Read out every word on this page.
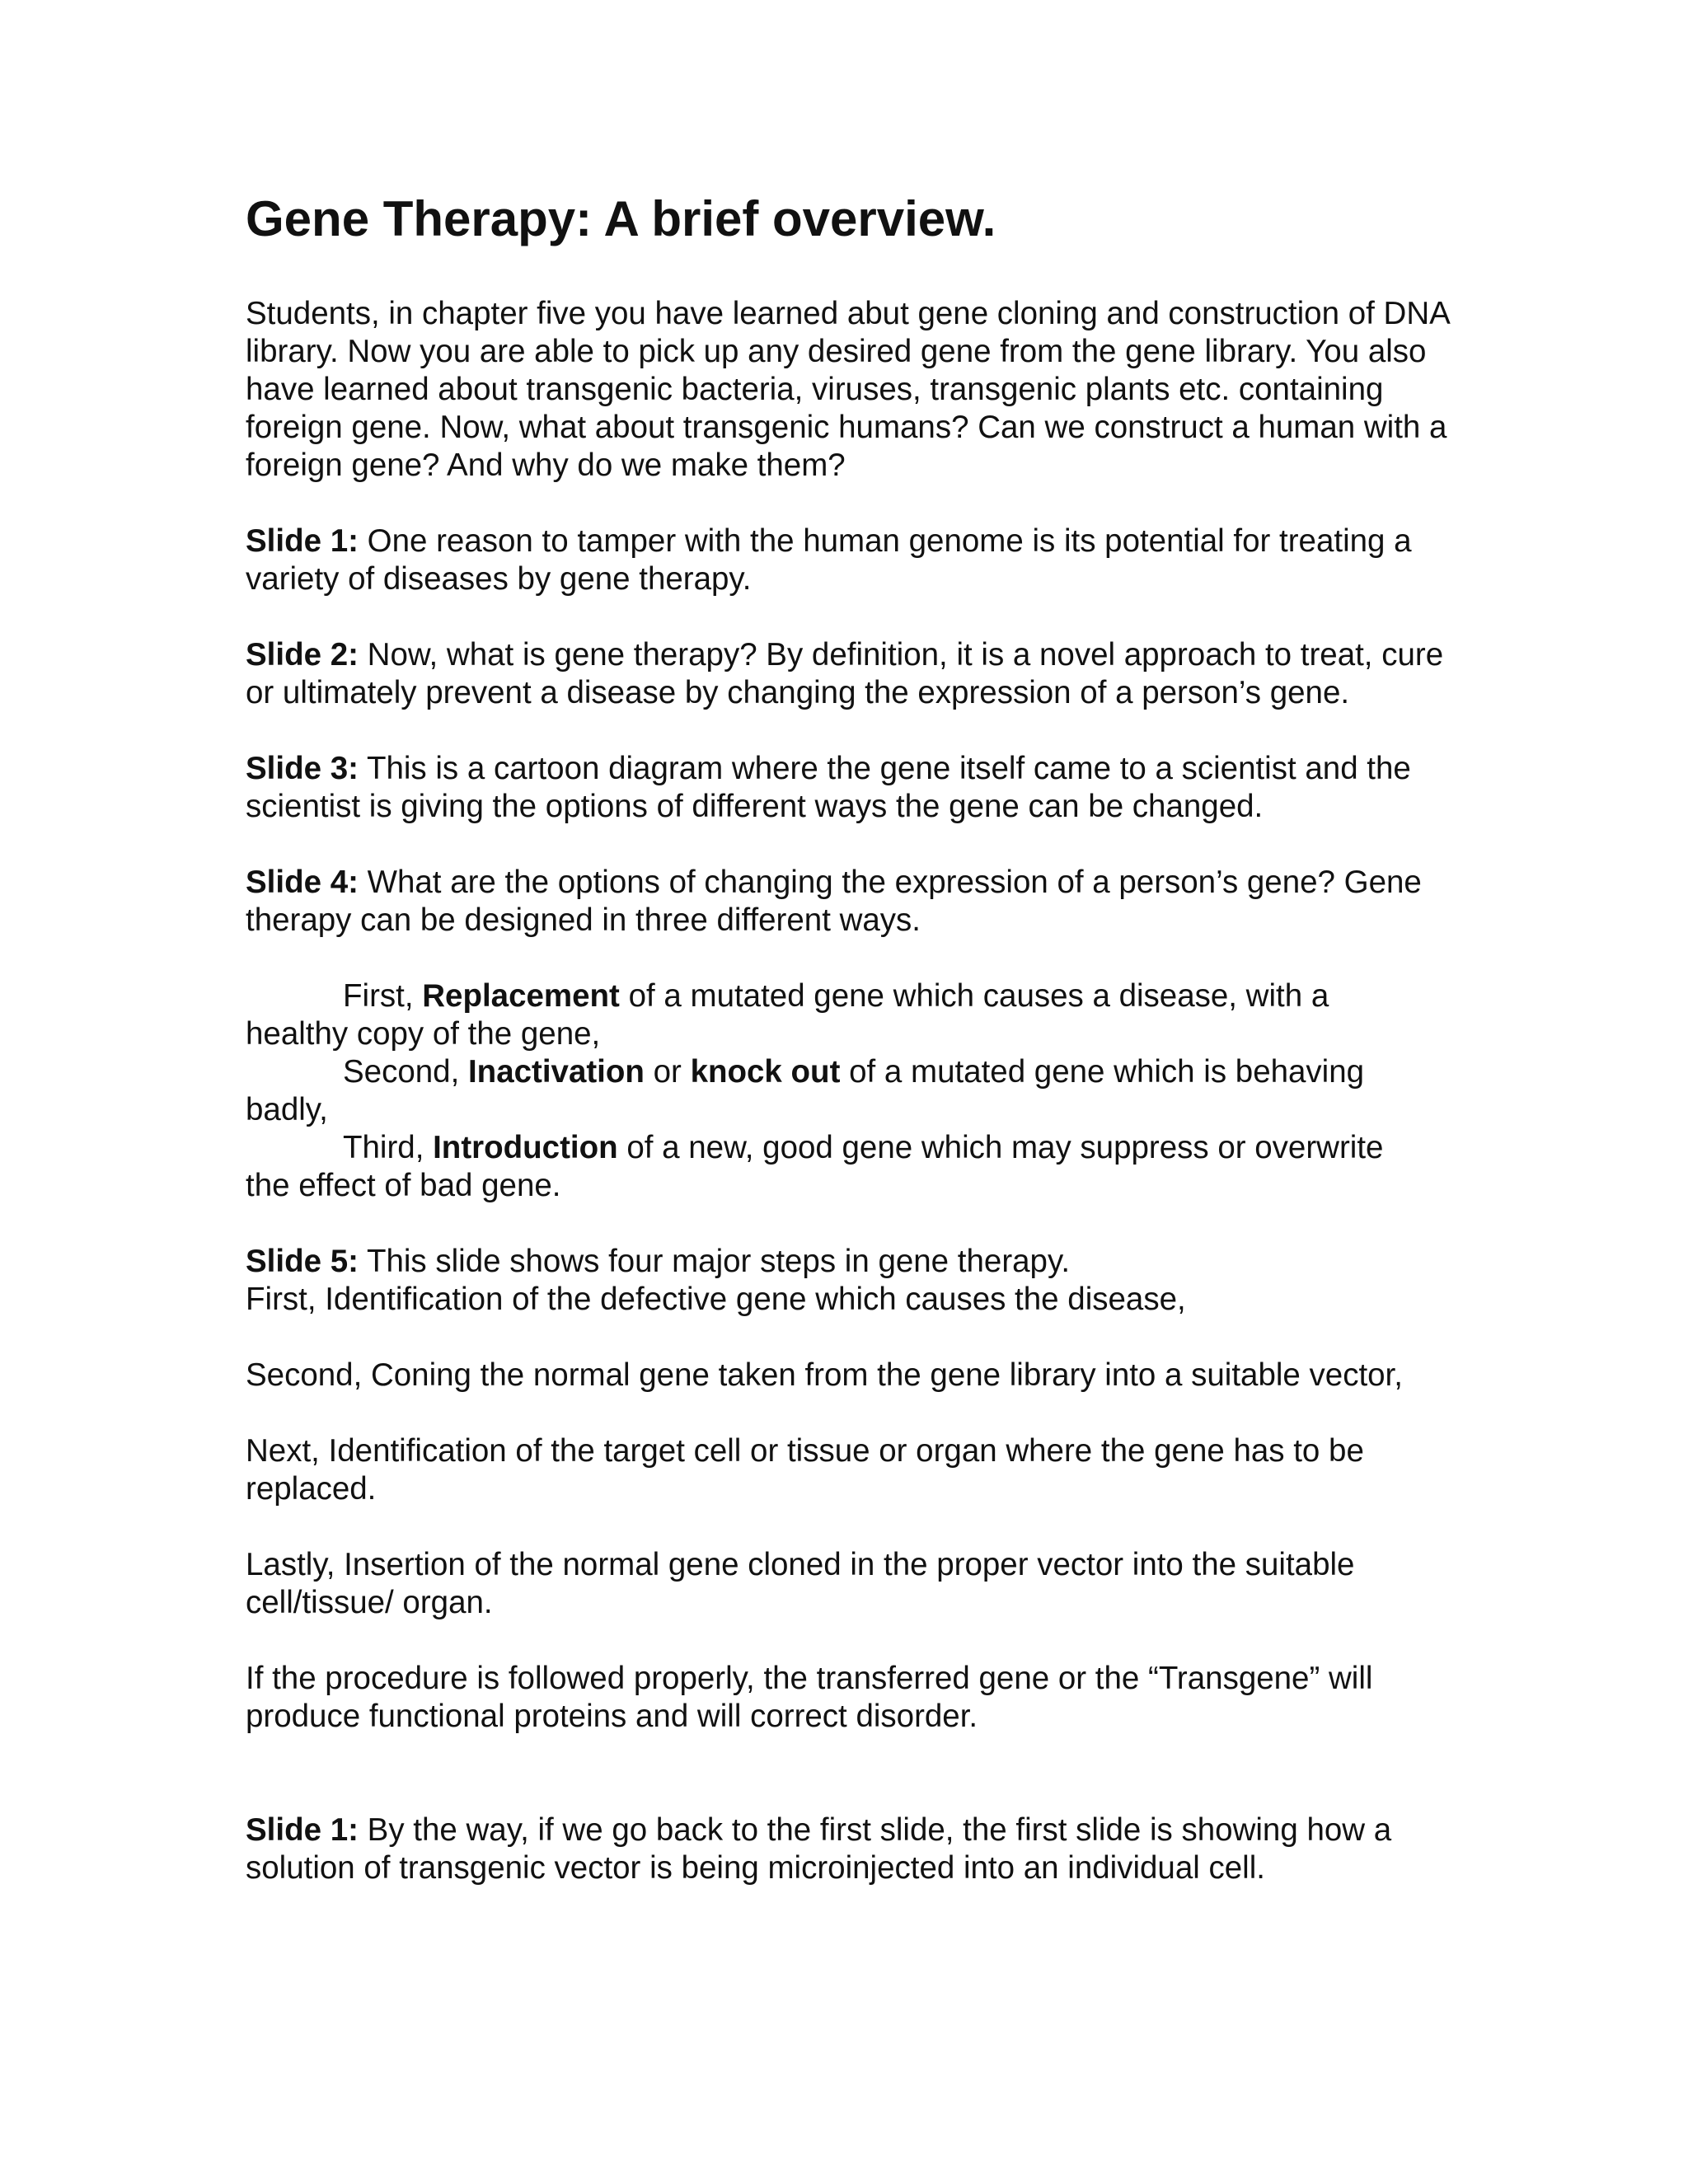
Gene Therapy: A brief overview.

Students, in chapter five you have learned abut gene cloning and construction of DNA library. Now you are able to pick up any desired gene from the gene library. You also have learned about transgenic bacteria, viruses, transgenic plants etc. containing foreign gene. Now, what about transgenic humans? Can we construct a human with a foreign gene? And why do we make them?

Slide 1: One reason to tamper with the human genome is its potential for treating a variety of diseases by gene therapy.

Slide 2: Now, what is gene therapy? By definition, it is a novel approach to treat, cure or ultimately prevent a disease by changing the expression of a person’s gene.

Slide 3: This is a cartoon diagram where the gene itself came to a scientist and the scientist is giving the options of different ways the gene can be changed.

Slide 4: What are the options of changing the expression of a person’s gene? Gene therapy can be designed in three different ways.

First, Replacement of a mutated gene which causes a disease, with a
healthy copy of the gene,
Second, Inactivation or knock out of a mutated gene which is behaving
badly,
Third, Introduction of a new, good gene which may suppress or overwrite
the effect of bad gene.

Slide 5: This slide shows four major steps in gene therapy.
First, Identification of the defective gene which causes the disease,

Second, Coning the normal gene taken from the gene library into a suitable vector,

Next, Identification of the target cell or tissue or organ where the gene has to be replaced.

Lastly, Insertion of the normal gene cloned in the proper vector into the suitable cell/tissue/ organ.

If the procedure is followed properly, the transferred gene or the “Transgene” will produce functional proteins and will correct disorder.

Slide 1: By the way, if we go back to the first slide, the first slide is showing how a solution of transgenic vector is being microinjected into an individual cell.
